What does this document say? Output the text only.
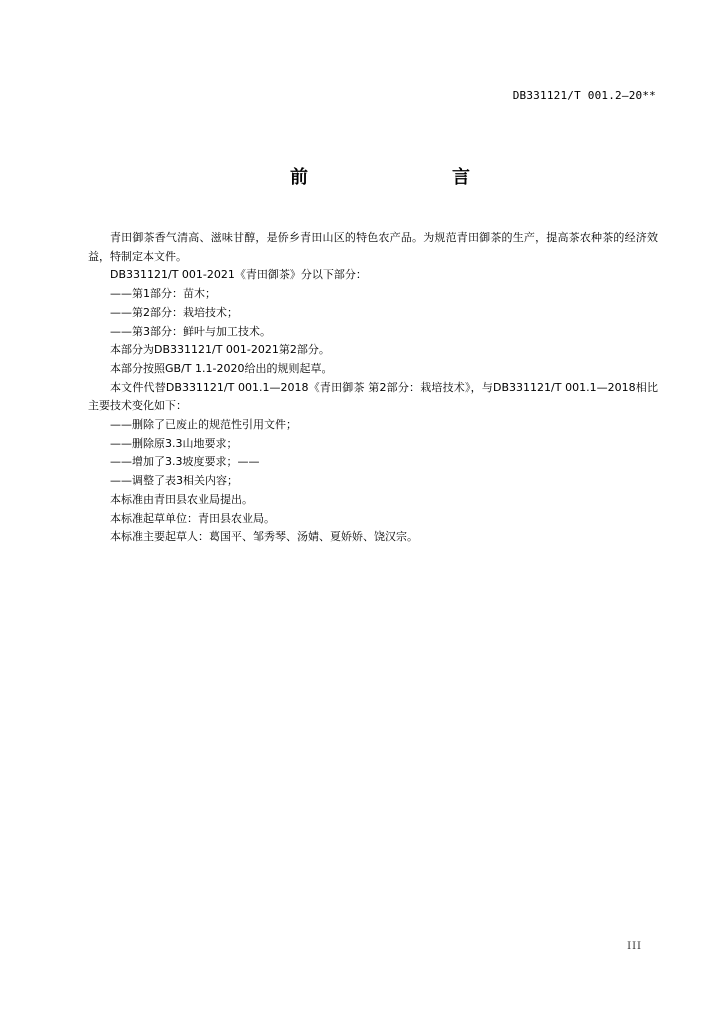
DB331121/T 001.2—20**
前　　言

青田御茶香气清高、滋味甘醇，是侨乡青田山区的特色农产品。为规范青田御茶的生产，提高茶农种茶的经济效益，特制定本文件。

DB331121/T 001-2021《青田御茶》分以下部分：

——第1部分：苗木；

——第2部分：栽培技术；

——第3部分：鲜叶与加工技术。

本部分为DB331121/T 001-2021第2部分。

本部分按照GB/T 1.1-2020给出的规则起草。

本文件代替DB331121/T 001.1—2018《青田御茶 第2部分：栽培技术》，与DB331121/T 001.1—2018相比主要技术变化如下：

——删除了已废止的规范性引用文件；

——删除原3.3山地要求；

——增加了3.3坡度要求；——

——调整了表3相关内容；

本标准由青田县农业局提出。

本标准起草单位：青田县农业局。

本标准主要起草人：葛国平、邹秀琴、汤婧、夏娇娇、饶汉宗。

III
